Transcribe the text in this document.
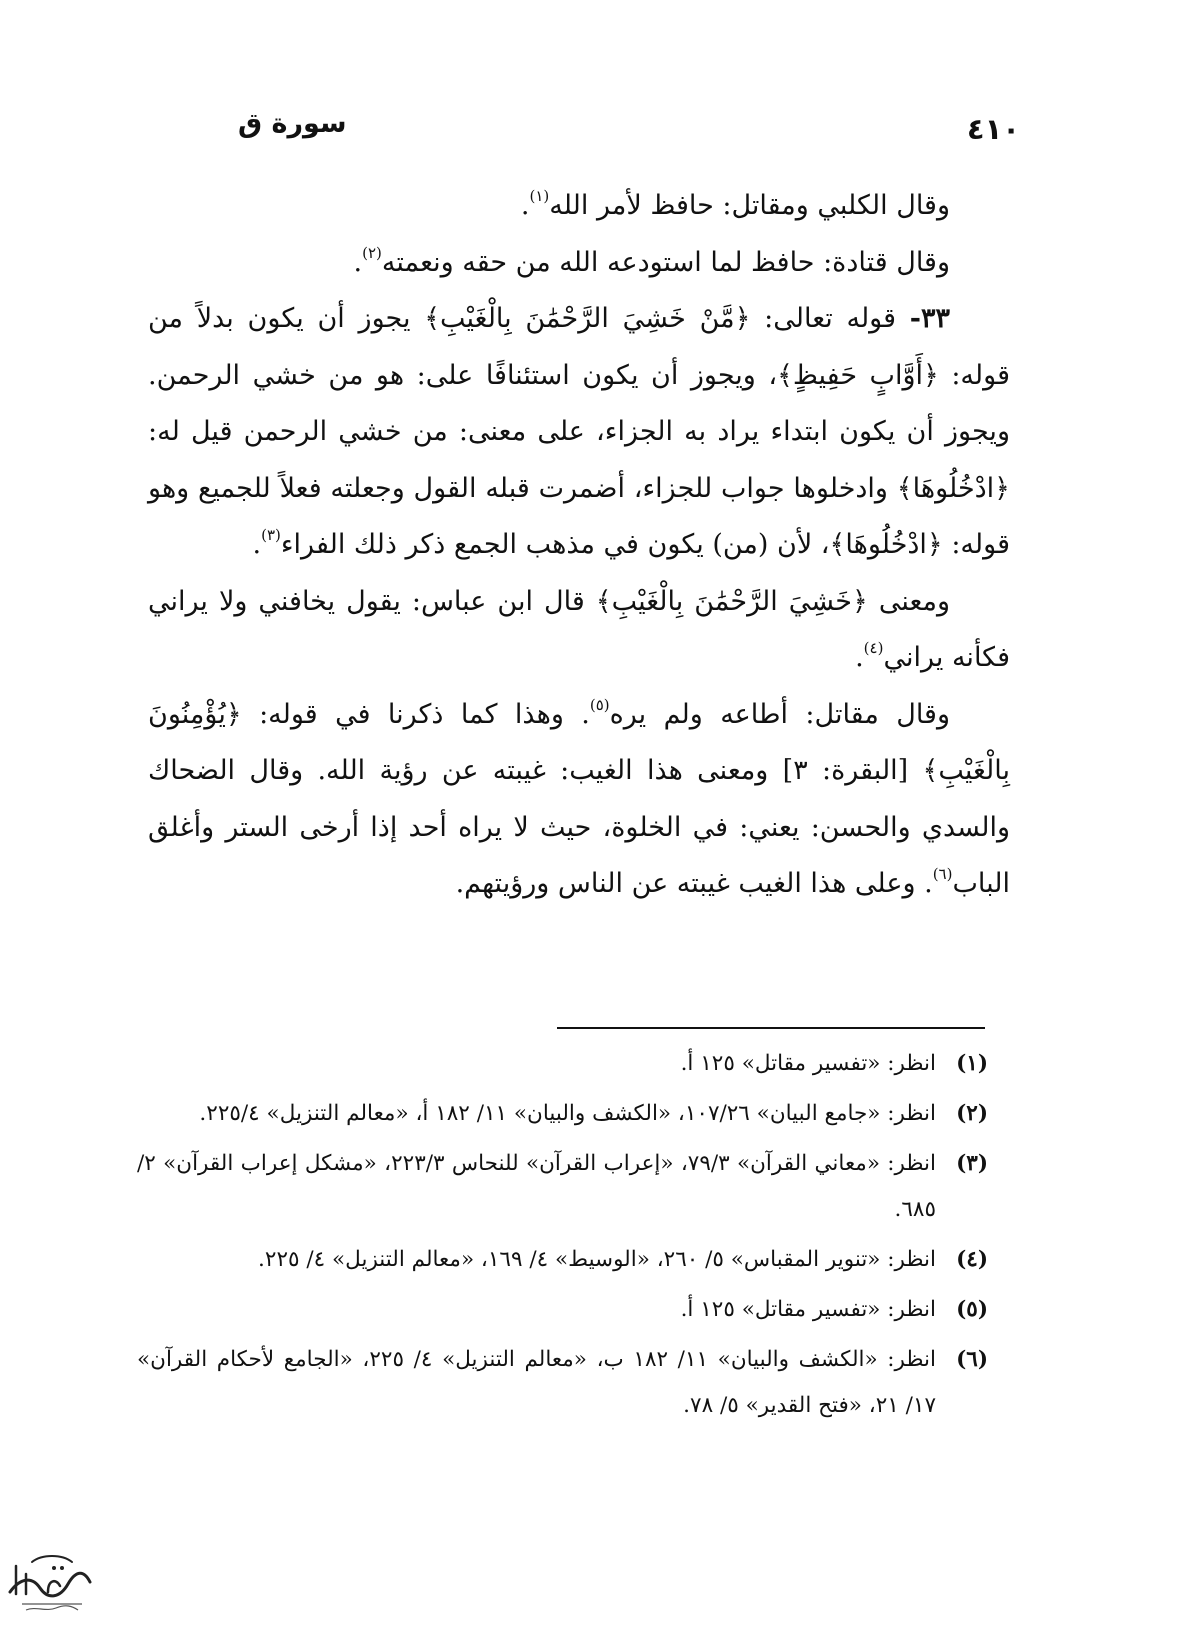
٤١٠
سورة ق

وقال الكلبي ومقاتل: حافظ لأمر الله$^{(١)}$.

وقال قتادة: حافظ لما استودعه الله من حقه ونعمته$^{(٢)}$.

٣٣- قوله تعالى: ﴿مَّنْ خَشِيَ الرَّحْمَٰنَ بِالْغَيْبِ﴾ يجوز أن يكون بدلاً من قوله: ﴿أَوَّابٍ حَفِيظٍ﴾، ويجوز أن يكون استئنافًا على: هو من خشي الرحمن. ويجوز أن يكون ابتداء يراد به الجزاء، على معنى: من خشي الرحمن قيل له: ﴿ادْخُلُوهَا﴾ وادخلوها جواب للجزاء، أضمرت قبله القول وجعلته فعلاً للجميع وهو قوله: ﴿ادْخُلُوهَا﴾، لأن (من) يكون في مذهب الجمع ذكر ذلك الفراء$^{(٣)}$.

ومعنى ﴿خَشِيَ الرَّحْمَٰنَ بِالْغَيْبِ﴾ قال ابن عباس: يقول يخافني ولا يراني فكأنه يراني$^{(٤)}$.

وقال مقاتل: أطاعه ولم يره$^{(٥)}$. وهذا كما ذكرنا في قوله: ﴿يُؤْمِنُونَ بِالْغَيْبِ﴾ [البقرة: ٣] ومعنى هذا الغيب: غيبته عن رؤية الله. وقال الضحاك والسدي والحسن: يعني: في الخلوة، حيث لا يراه أحد إذا أرخى الستر وأغلق الباب$^{(٦)}$. وعلى هذا الغيب غيبته عن الناس ورؤيتهم.

(١)
انظر: «تفسير مقاتل» ١٢٥ أ.
(٢)
انظر: «جامع البيان» ١٠٧/٢٦، «الكشف والبيان» ١١/ ١٨٢ أ، «معالم التنزيل» ٢٢٥/٤.
(٣)
انظر: «معاني القرآن» ٧٩/٣، «إعراب القرآن» للنحاس ٢٢٣/٣، «مشكل إعراب القرآن» ٢/ ٦٨٥.
(٤)
انظر: «تنوير المقباس» ٥/ ٢٦٠، «الوسيط» ٤/ ١٦٩، «معالم التنزيل» ٤/ ٢٢٥.
(٥)
انظر: «تفسير مقاتل» ١٢٥ أ.
(٦)
انظر: «الكشف والبيان» ١١/ ١٨٢ ب، «معالم التنزيل» ٤/ ٢٢٥، «الجامع لأحكام القرآن» ١٧/ ٢١، «فتح القدير» ٥/ ٧٨.
